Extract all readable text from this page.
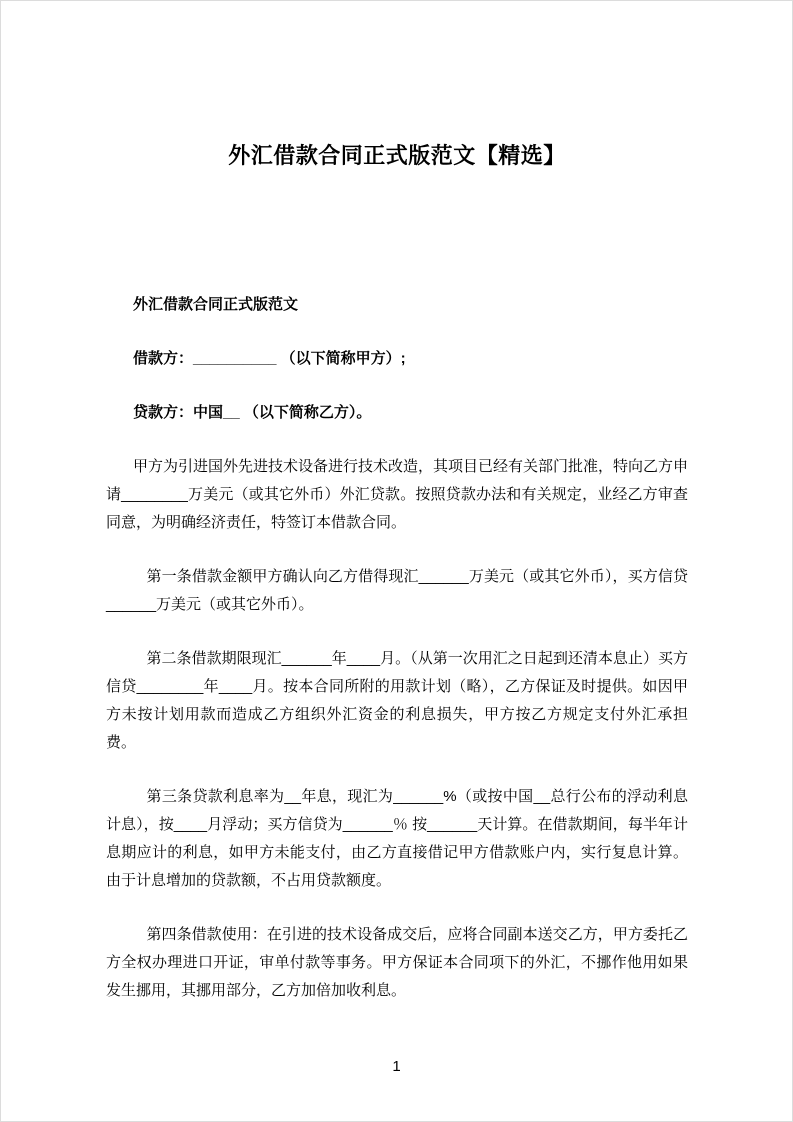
外汇借款合同正式版范文【精选】

外汇借款合同正式版范文

借款方：__________ （以下简称甲方）;

贷款方：中国__ （以下简称乙方）。

甲方为引进国外先进技术设备进行技术改造，其项目已经有关部门批准，特向乙方申请________万美元（或其它外币）外汇贷款。按照贷款办法和有关规定，业经乙方审查同意，为明确经济责任，特签订本借款合同。

第一条借款金额甲方确认向乙方借得现汇______万美元（或其它外币），买方信贷______万美元（或其它外币）。

第二条借款期限现汇______年____月。（从第一次用汇之日起到还清本息止）买方信贷________年____月。按本合同所附的用款计划（略），乙方保证及时提供。如因甲方未按计划用款而造成乙方组织外汇资金的利息损失，甲方按乙方规定支付外汇承担费。

第三条贷款利息率为__年息，现汇为______%（或按中国__总行公布的浮动利息计息），按____月浮动；买方信贷为______％ 按______天计算。在借款期间，每半年计息期应计的利息，如甲方未能支付，由乙方直接借记甲方借款账户内，实行复息计算。由于计息增加的贷款额，不占用贷款额度。

第四条借款使用：在引进的技术设备成交后，应将合同副本送交乙方，甲方委托乙方全权办理进口开证，审单付款等事务。甲方保证本合同项下的外汇，不挪作他用如果发生挪用，其挪用部分，乙方加倍加收利息。

1
